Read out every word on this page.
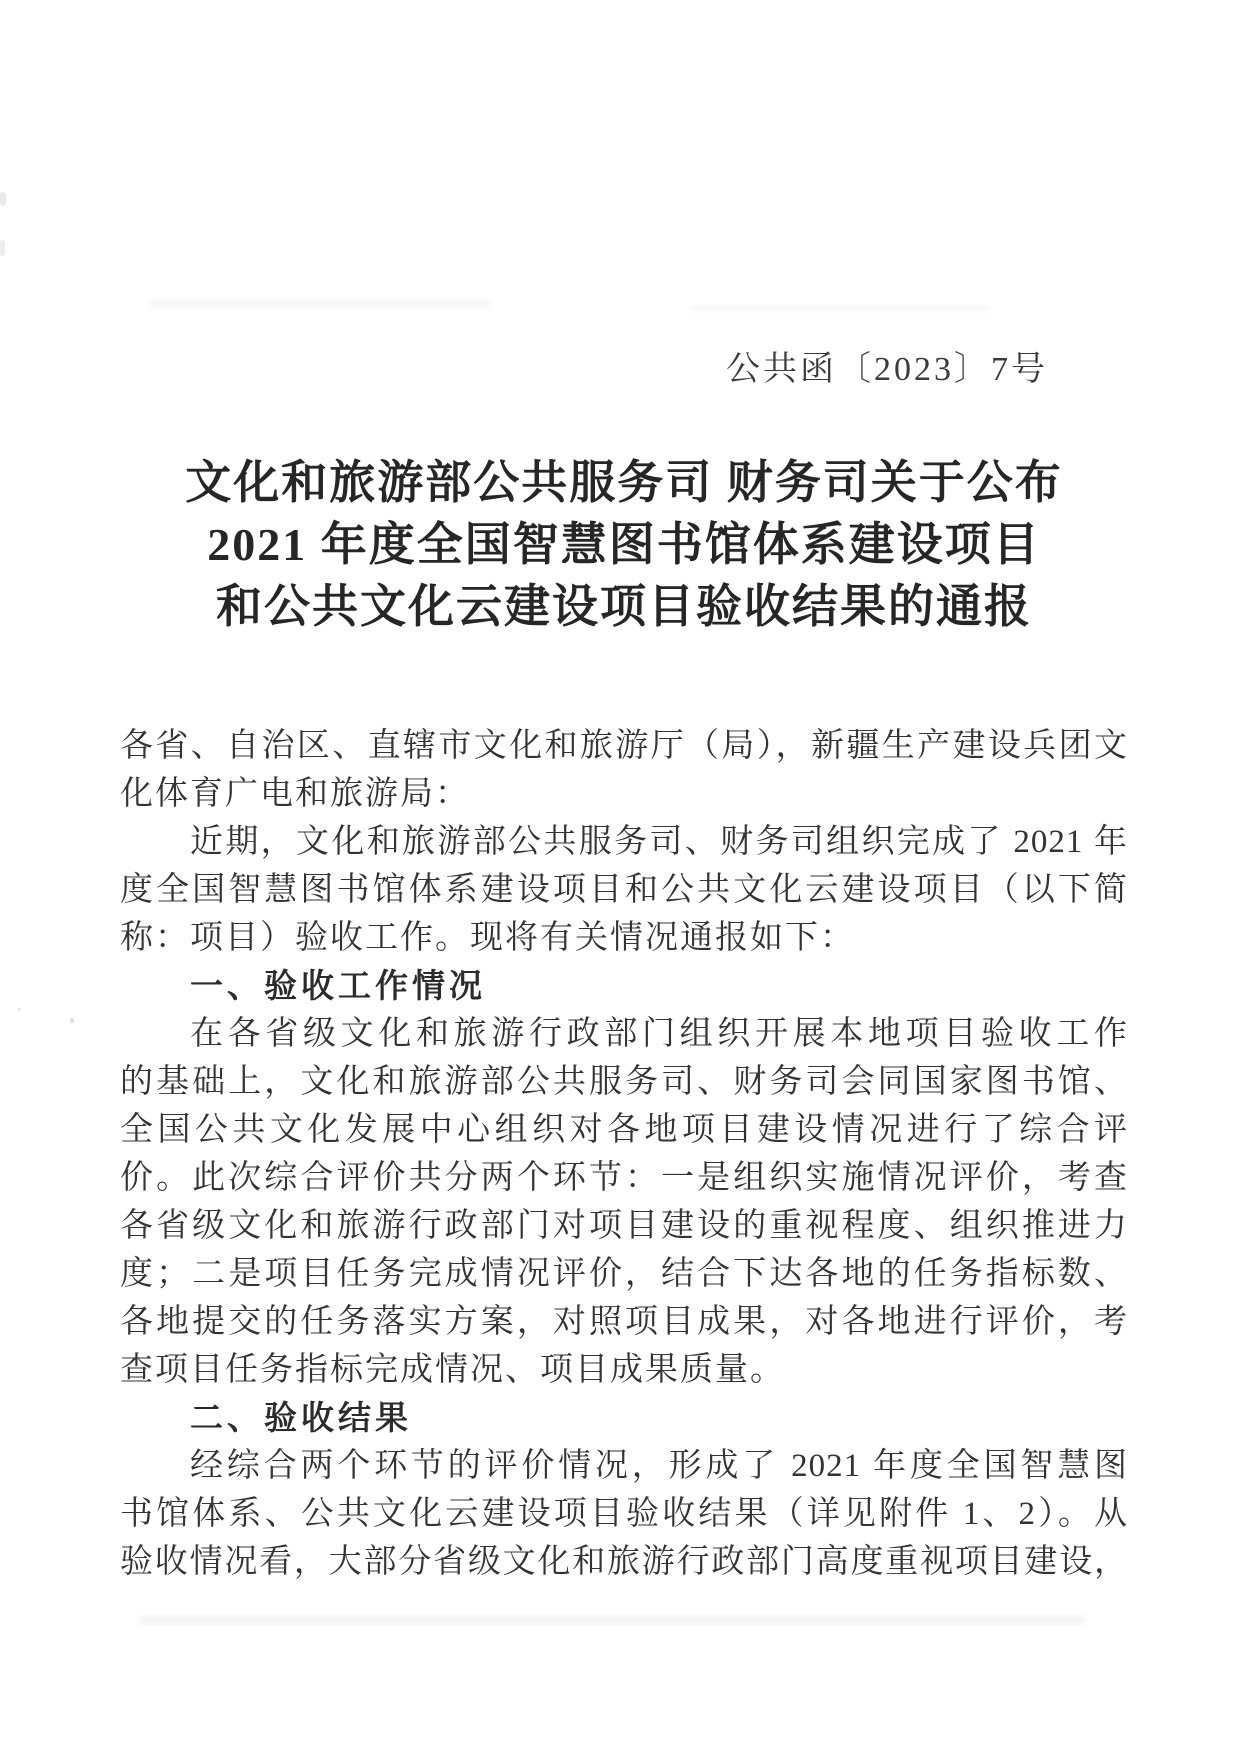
公共函〔2023〕7号
文化和旅游部公共服务司 财务司关于公布
2021 年度全国智慧图书馆体系建设项目
和公共文化云建设项目验收结果的通报
各省、自治区、直辖市文化和旅游厅（局），新疆生产建设兵团文
化体育广电和旅游局：
近期，文化和旅游部公共服务司、财务司组织完成了 2021 年
度全国智慧图书馆体系建设项目和公共文化云建设项目（以下简
称：项目）验收工作。现将有关情况通报如下：
一、验收工作情况
在各省级文化和旅游行政部门组织开展本地项目验收工作
的基础上，文化和旅游部公共服务司、财务司会同国家图书馆、
全国公共文化发展中心组织对各地项目建设情况进行了综合评
价。此次综合评价共分两个环节：一是组织实施情况评价，考查
各省级文化和旅游行政部门对项目建设的重视程度、组织推进力
度；二是项目任务完成情况评价，结合下达各地的任务指标数、
各地提交的任务落实方案，对照项目成果，对各地进行评价，考
查项目任务指标完成情况、项目成果质量。
二、验收结果
经综合两个环节的评价情况，形成了 2021 年度全国智慧图
书馆体系、公共文化云建设项目验收结果（详见附件 1、2）。从
验收情况看，大部分省级文化和旅游行政部门高度重视项目建设，
